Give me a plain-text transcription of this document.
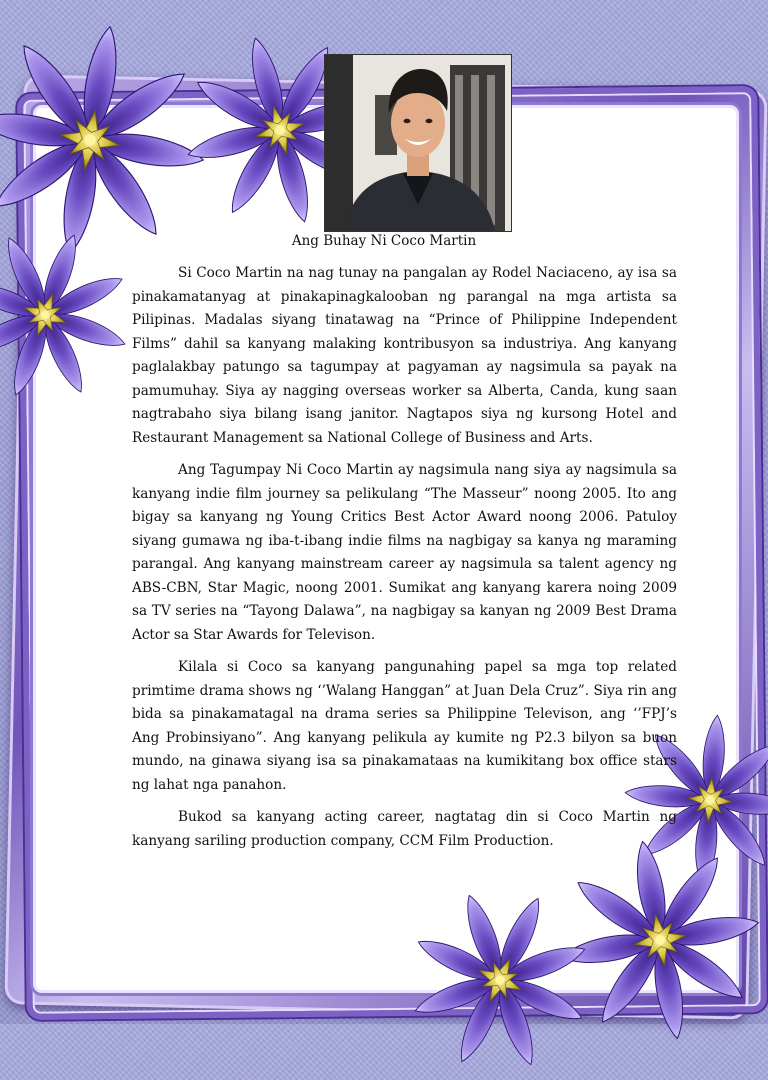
Ang Buhay Ni Coco Martin

Si Coco Martin na nag tunay na pangalan ay Rodel Naciaceno, ay isa sa pinakamatanyag at pinakapinagkalooban ng parangal na mga artista sa Pilipinas. Madalas siyang tinatawag na “Prince of Philippine Independent Films” dahil sa kanyang malaking kontribusyon sa industriya. Ang kanyang paglalakbay patungo sa tagumpay at pagyaman ay nagsimula sa payak na pamumuhay. Siya ay nagging overseas worker sa Alberta, Canda, kung saan nagtrabaho siya bilang isang janitor. Nagtapos siya ng kursong Hotel and Restaurant Management sa National College of Business and Arts.

Ang Tagumpay Ni Coco Martin ay nagsimula nang siya ay nagsimula sa kanyang indie film journey sa pelikulang “The Masseur” noong 2005. Ito ang bigay sa kanyang ng Young Critics Best Actor Award noong 2006. Patuloy siyang gumawa ng iba-t-ibang indie films na nagbigay sa kanya ng maraming parangal. Ang kanyang mainstream career ay nagsimula sa talent agency ng ABS-CBN, Star Magic, noong 2001. Sumikat ang kanyang karera noing 2009 sa TV series na “Tayong Dalawa”, na nagbigay sa kanyan ng 2009 Best Drama Actor sa Star Awards for Televison.

Kilala si Coco sa kanyang pangunahing papel sa mga top related primtime drama shows ng ‘’Walang Hanggan” at Juan Dela Cruz”. Siya rin ang bida sa pinakamatagal na drama series sa Philippine Televison, ang ‘’FPJ’s Ang Probinsiyano”. Ang kanyang pelikula ay kumite ng P2.3 bilyon sa buon mundo, na ginawa siyang isa sa pinakamataas na kumikitang box office stars ng lahat nga panahon.

Bukod sa kanyang acting career, nagtatag din si Coco Martin ng kanyang sariling production company, CCM Film Production.
